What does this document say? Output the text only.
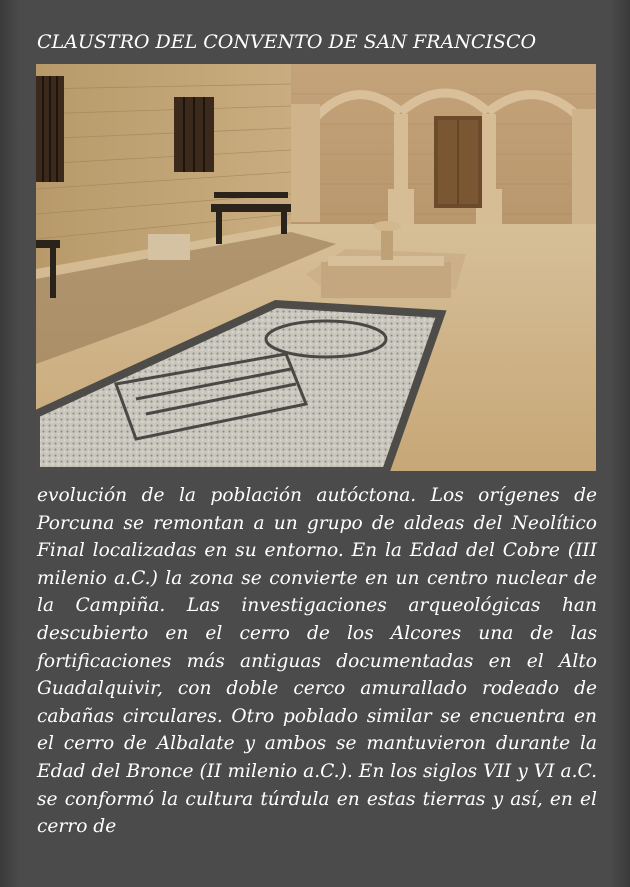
CLAUSTRO DEL CONVENTO DE SAN FRANCISCO

evolución de la población autóctona. Los orígenes de Porcuna se remontan a un grupo de aldeas del Neolítico Final localizadas en su entorno. En la Edad del Cobre (III milenio a.C.) la zona se convierte en un centro nuclear de la Campiña. Las investigaciones arqueológicas han descubierto en el cerro de los Alcores una de las fortificaciones más antiguas documentadas en el Alto Guadalquivir, con doble cerco amurallado rodeado de cabañas circulares. Otro poblado similar se encuentra en el cerro de Albalate y ambos se mantuvieron durante la Edad del Bronce (II milenio a.C.). En los siglos VII y VI a.C. se conformó la cultura túrdula en estas tierras y así, en el cerro de
